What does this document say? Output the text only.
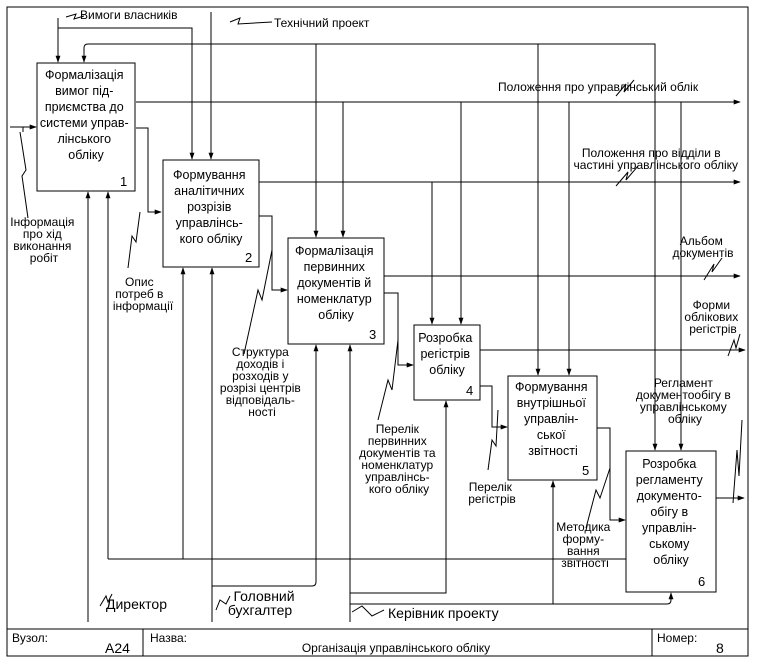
Вузол:
A24
Назва:
Організація управлінського обліку
Номер:
8
Формалізація вимог під- приємства до системи управ- лінського обліку
1	Формування аналітичних розрізів управлінсь- кого обліку
2	Формалізація первинних документів й номенклатур обліку
3	Розробка регістрів обліку
4	Формування внутрішньої управлін- ської звітності
5	Розробка регламенту документо- обігу в управлін- ському обліку
6
Вимоги власників
Технічний проект
Положення про управлінський облік
Положення про відділи в частині управлінського обліку
Альбом документів
Форми облікових регістрів
Регламент документообігу в управлінському обліку
Інформація про хід виконання робіт
Опис потреб в інформації
Структура доходів і розходів у розрізі центрів відповідаль- ності
Перелік первинних документів та номенклатур управлінсь- кого обліку	Перелік регістрів
Методика форму- вання звітності
Директор	Головний бухгалтер	Керівник проекту
